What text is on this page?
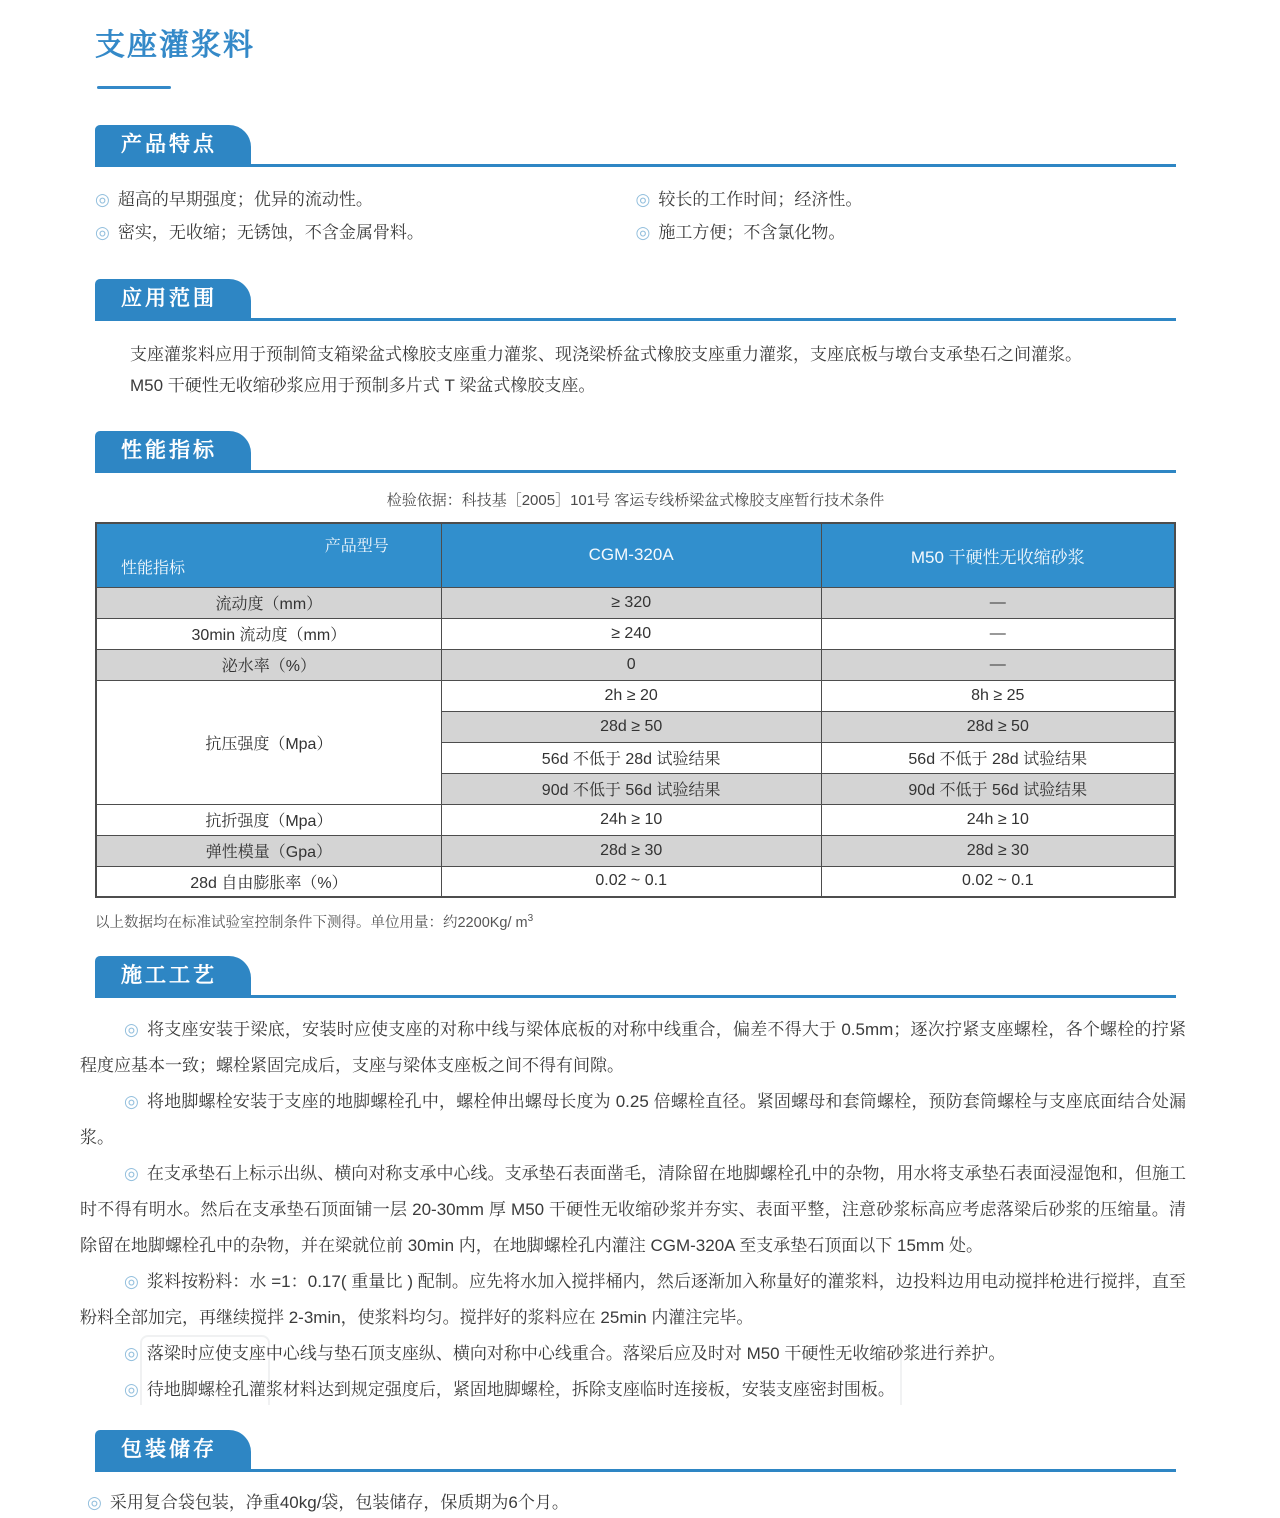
支座灌浆料
产品特点
◎ 超高的早期强度；优异的流动性。
◎ 密实，无收缩；无锈蚀，不含金属骨料。
◎ 较长的工作时间；经济性。
◎ 施工方便；不含氯化物。
应用范围

支座灌浆料应用于预制简支箱梁盆式橡胶支座重力灌浆、现浇梁桥盆式橡胶支座重力灌浆，支座底板与墩台支承垫石之间灌浆。

M50 干硬性无收缩砂浆应用于预制多片式 T 梁盆式橡胶支座。

性能指标

检验依据：科技基［2005］101号 客运专线桥梁盆式橡胶支座暂行技术条件

产品型号
性能指标	CGM-320A	M50 干硬性无收缩砂浆
流动度（mm）	≥ 320	—
30min 流动度（mm）	≥ 240	—
泌水率（%）	0	—
抗压强度（Mpa）	2h ≥ 20	8h ≥ 25
	28d ≥ 50	28d ≥ 50
	56d 不低于 28d 试验结果	56d 不低于 28d 试验结果
	90d 不低于 56d 试验结果	90d 不低于 56d 试验结果
抗折强度（Mpa）	24h ≥ 10	24h ≥ 10
弹性模量（Gpa）	28d ≥ 30	28d ≥ 30
28d 自由膨胀率（%）	0.02 ~ 0.1	0.02 ~ 0.1

以上数据均在标准试验室控制条件下测得。单位用量：约2200Kg/ $m^3$

施工工艺

◎ 将支座安装于梁底，安装时应使支座的对称中线与梁体底板的对称中线重合，偏差不得大于 0.5mm；逐次拧紧支座螺栓，各个螺栓的拧紧程度应基本一致；螺栓紧固完成后，支座与梁体支座板之间不得有间隙。

◎ 将地脚螺栓安装于支座的地脚螺栓孔中，螺栓伸出螺母长度为 0.25 倍螺栓直径。紧固螺母和套筒螺栓，预防套筒螺栓与支座底面结合处漏浆。

◎ 在支承垫石上标示出纵、横向对称支承中心线。支承垫石表面凿毛，清除留在地脚螺栓孔中的杂物，用水将支承垫石表面浸湿饱和，但施工时不得有明水。然后在支承垫石顶面铺一层 20-30mm 厚 M50 干硬性无收缩砂浆并夯实、表面平整，注意砂浆标高应考虑落梁后砂浆的压缩量。清除留在地脚螺栓孔中的杂物，并在梁就位前 30min 内，在地脚螺栓孔内灌注 CGM-320A 至支承垫石顶面以下 15mm 处。

◎ 浆料按粉料：水 =1：0.17( 重量比 ) 配制。应先将水加入搅拌桶内，然后逐渐加入称量好的灌浆料，边投料边用电动搅拌枪进行搅拌，直至粉料全部加完，再继续搅拌 2-3min，使浆料均匀。搅拌好的浆料应在 25min 内灌注完毕。

◎ 落梁时应使支座中心线与垫石顶支座纵、横向对称中心线重合。落梁后应及时对 M50 干硬性无收缩砂浆进行养护。

◎ 待地脚螺栓孔灌浆材料达到规定强度后，紧固地脚螺栓，拆除支座临时连接板，安装支座密封围板。

包装储存

◎ 采用复合袋包装，净重40kg/袋，包装储存，保质期为6个月。
